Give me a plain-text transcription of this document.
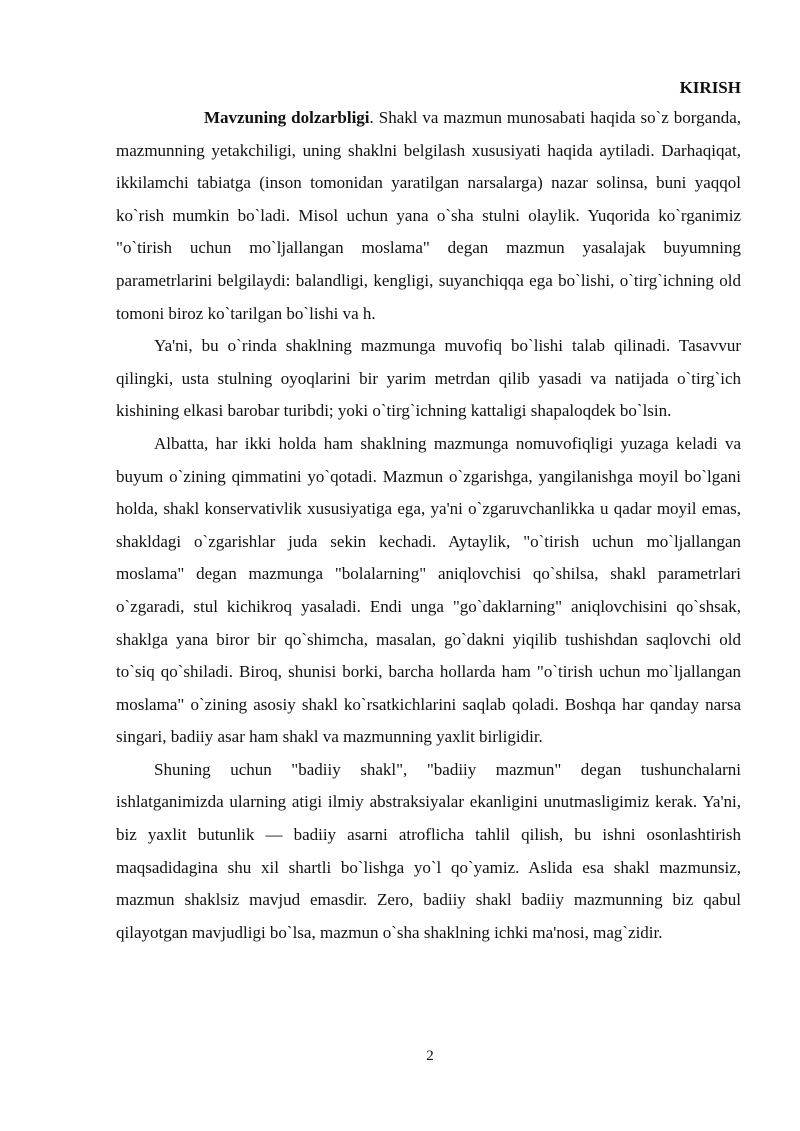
KIRISH

Mavzuning dolzarbligi. Shakl va mazmun munosabati haqida so`z borganda, mazmunning yetakchiligi, uning shaklni belgilash xususiyati haqida aytiladi. Darhaqiqat, ikkilamchi tabiatga (inson tomonidan yaratilgan narsalarga) nazar solinsa, buni yaqqol ko`rish mumkin bo`ladi. Misol uchun yana o`sha stulni olaylik. Yuqorida ko`rganimiz "o`tirish uchun mo`ljallangan moslama" degan mazmun yasalajak buyumning parametrlarini belgilaydi: balandligi, kengligi, suyanchiqqa ega bo`lishi, o`tirg`ichning old tomoni biroz ko`tarilgan bo`lishi va h.

Ya'ni, bu o`rinda shaklning mazmunga muvofiq bo`lishi talab qilinadi. Tasavvur qilingki, usta stulning oyoqlarini bir yarim metrdan qilib yasadi va natijada o`tirg`ich kishining elkasi barobar turibdi; yoki o`tirg`ichning kattaligi shapaloqdek bo`lsin.

Albatta, har ikki holda ham shaklning mazmunga nomuvofiqligi yuzaga keladi va buyum o`zining qimmatini yo`qotadi. Mazmun o`zgarishga, yangilanishga moyil bo`lgani holda, shakl konservativlik xususiyatiga ega, ya'ni o`zgaruvchanlikka u qadar moyil emas, shakldagi o`zgarishlar juda sekin kechadi. Aytaylik, "o`tirish uchun mo`ljallangan moslama" degan mazmunga "bolalarning" aniqlovchisi qo`shilsa, shakl parametrlari o`zgaradi, stul kichikroq yasaladi. Endi unga "go`daklarning" aniqlovchisini qo`shsak, shaklga yana biror bir qo`shimcha, masalan, go`dakni yiqilib tushishdan saqlovchi old to`siq qo`shiladi. Biroq, shunisi borki, barcha hollarda ham "o`tirish uchun mo`ljallangan moslama" o`zining asosiy shakl ko`rsatkichlarini saqlab qoladi. Boshqa har qanday narsa singari, badiiy asar ham shakl va mazmunning yaxlit birligidir.

Shuning uchun "badiiy shakl", "badiiy mazmun" degan tushunchalarni ishlatganimizda ularning atigi ilmiy abstraksiyalar ekanligini unutmasligimiz kerak. Ya'ni, biz yaxlit butunlik — badiiy asarni atroflicha tahlil qilish, bu ishni osonlashtirish maqsadidagina shu xil shartli bo`lishga yo`l qo`yamiz. Aslida esa shakl mazmunsiz, mazmun shaklsiz mavjud emasdir. Zero, badiiy shakl badiiy mazmunning biz qabul qilayotgan mavjudligi bo`lsa, mazmun o`sha shaklning ichki ma'nosi, mag`zidir.

2
